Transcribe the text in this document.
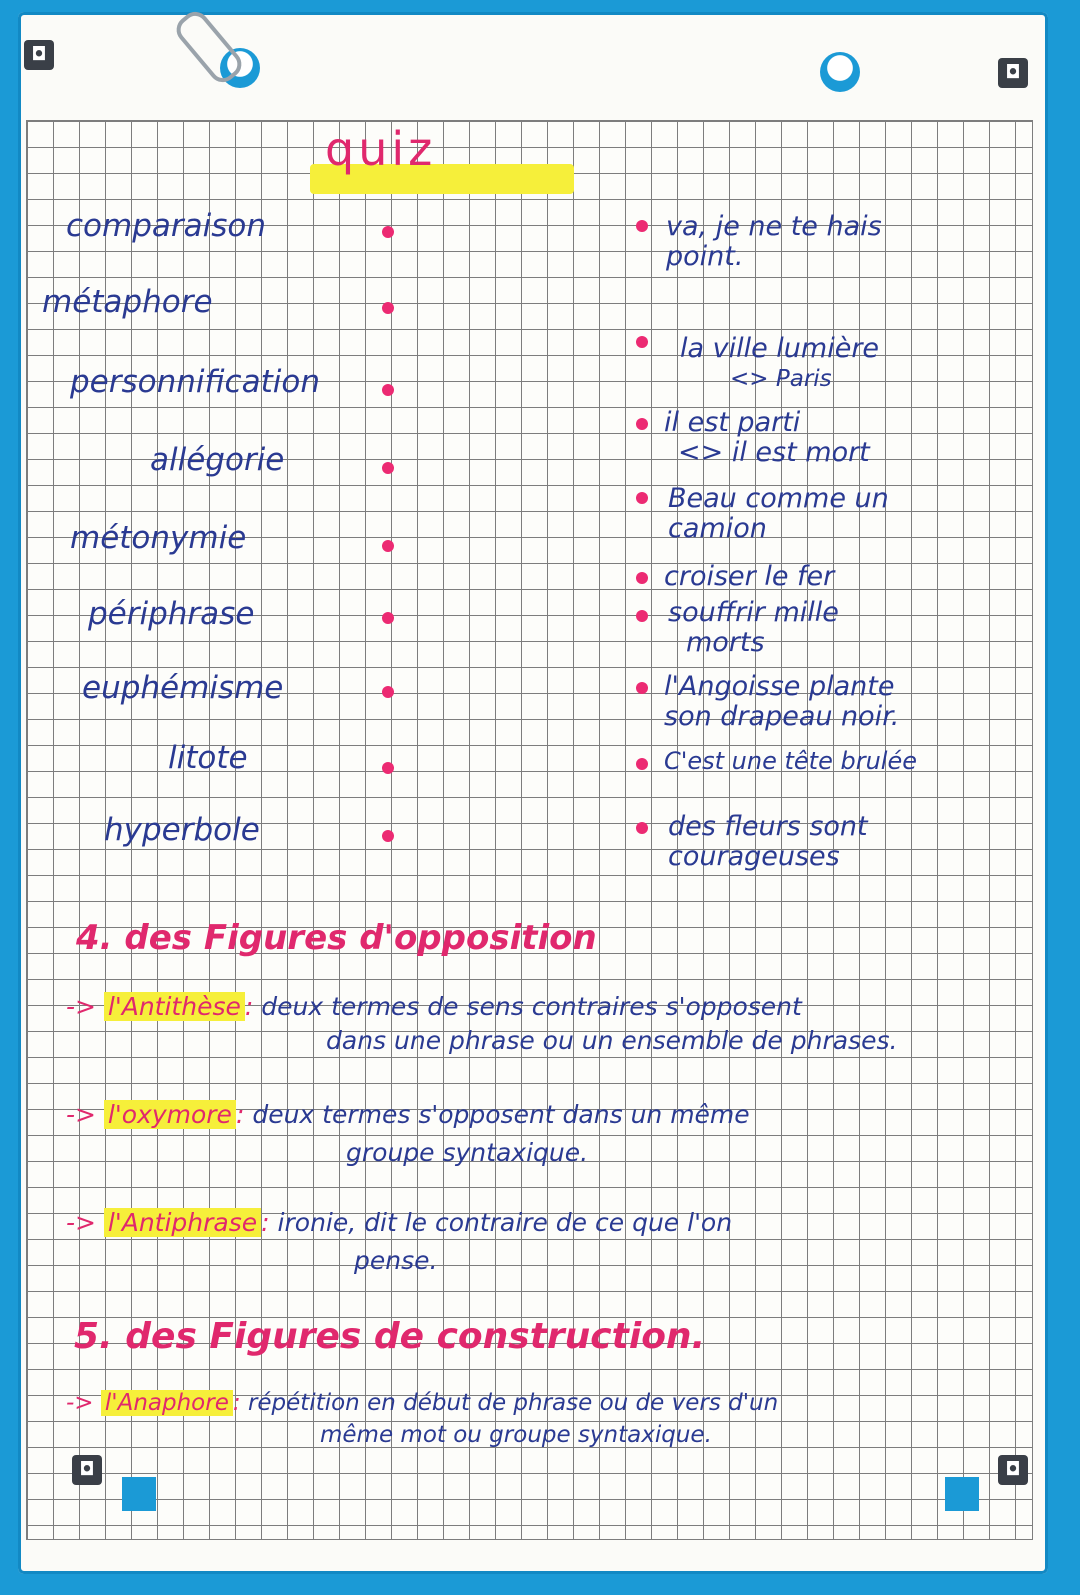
◘
◘
◘	◘
quiz
comparaison
métaphore
personnification
allégorie
métonymie
périphrase
euphémisme
litote
hyperbole
va, je ne te hais
point.
la ville lumière
<> Paris
il est parti
<> il est mort
Beau comme un
camion
croiser le fer
souffrir mille
morts
l'Angoisse plante
son drapeau noir.
C'est une tête brulée
des fleurs sont
courageuses
4. des Figures d'opposition
-> l'Antithèse : deux termes de sens contraires s'opposent
dans une phrase ou un ensemble de phrases.
-> l'oxymore : deux termes s'opposent dans un même
groupe syntaxique.
-> l'Antiphrase : ironie, dit le contraire de ce que l'on
pense.
5. des Figures de construction.
-> l'Anaphore : répétition en début de phrase ou de vers d'un
même mot ou groupe syntaxique.
